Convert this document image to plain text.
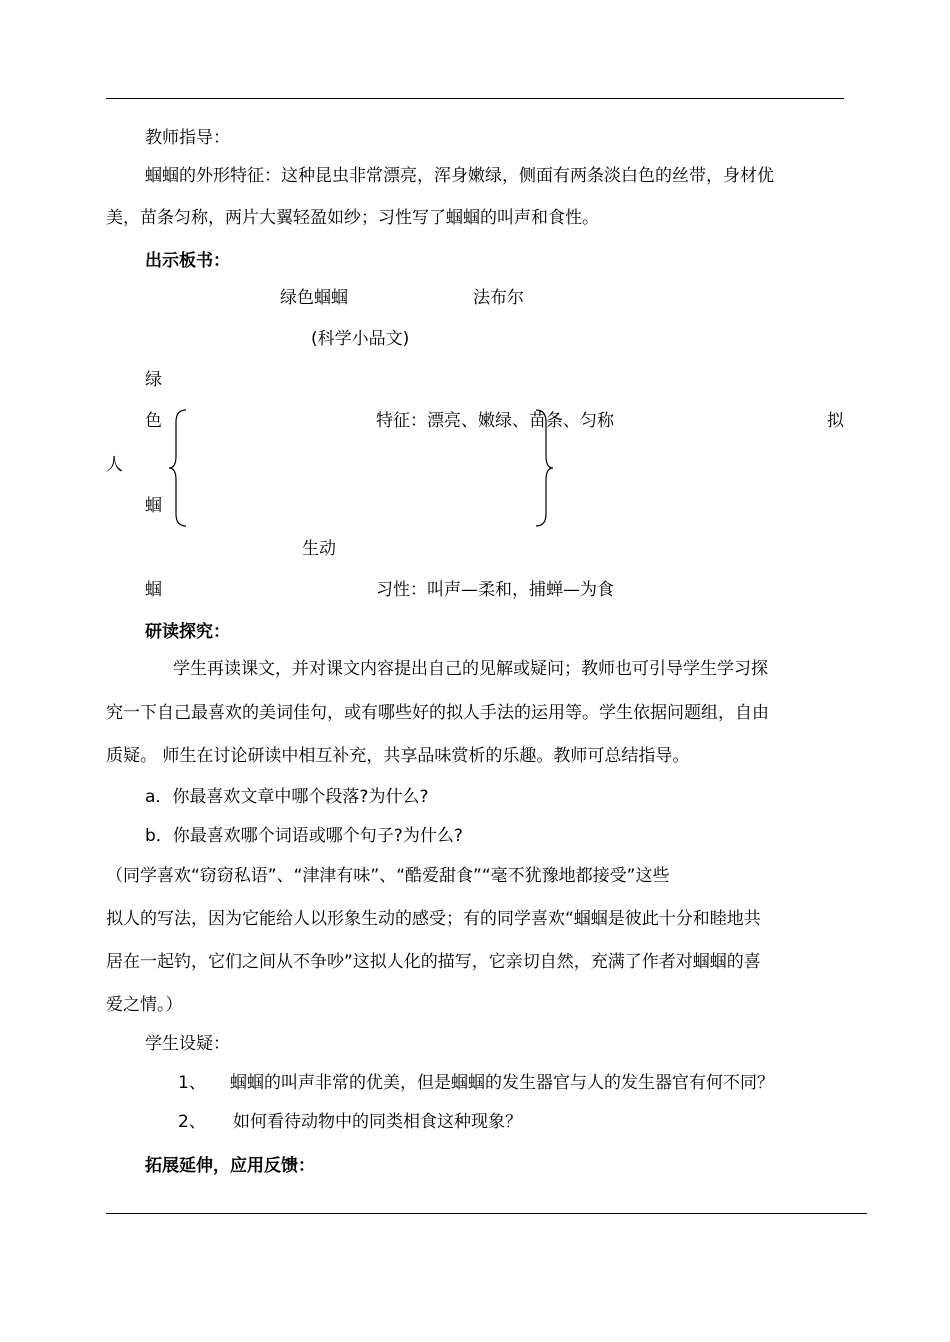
教师指导：
蝈蝈的外形特征：这种昆虫非常漂亮，浑身嫩绿，侧面有两条淡白色的丝带，身材优
美，苗条匀称，两片大翼轻盈如纱；习性写了蝈蝈的叫声和食性。
出示板书：
绿色蝈蝈	法布尔
(科学小品文)
绿
色	特征：漂亮、嫩绿、苗条、匀称	拟
人
蝈
生动
蝈	习性：叫声—柔和，捕蝉—为食
研读探究：
学生再读课文，并对课文内容提出自己的见解或疑问；教师也可引导学生学习探
究一下自己最喜欢的美词佳句，或有哪些好的拟人手法的运用等。学生依据问题组，自由
质疑。 师生在讨论研读中相互补充，共享品味赏析的乐趣。教师可总结指导。
a．你最喜欢文章中哪个段落?为什么?
b．你最喜欢哪个词语或哪个句子?为什么?
（同学喜欢“窃窃私语”、“津津有味”、“酷爱甜食”“毫不犹豫地都接受”这些
拟人的写法，因为它能给人以形象生动的感受；有的同学喜欢“蝈蝈是彼此十分和睦地共
居在一起钓，它们之间从不争吵”这拟人化的描写，它亲切自然，充满了作者对蝈蝈的喜
爱之情。）
学生设疑：
1、 蝈蝈的叫声非常的优美，但是蝈蝈的发生器官与人的发生器官有何不同？
2、 如何看待动物中的同类相食这种现象？
拓展延伸，应用反馈：
